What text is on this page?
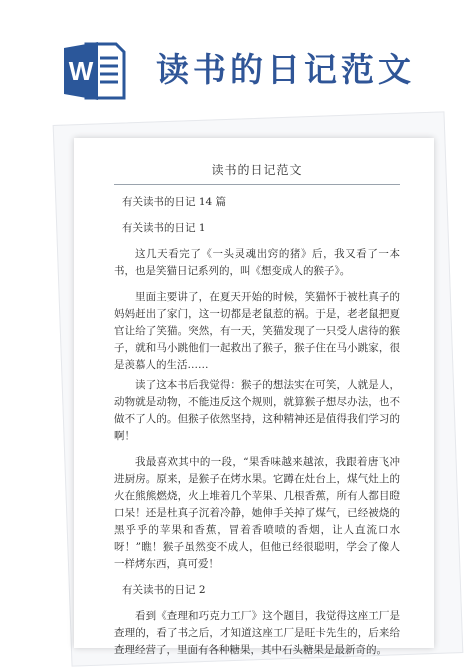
W 读书的日记范文
读书的日记范文
有关读书的日记 14 篇
有关读书的日记 1
这几天看完了《一头灵魂出窍的猪》后，我又看了一本书，也是笑猫日记系列的，叫《想变成人的猴子》。
里面主要讲了，在夏天开始的时候，笑猫怀于被杜真子的妈妈赶出了家门，这一切都是老鼠惹的祸。于是，老老鼠把夏官让给了笑猫。突然，有一天，笑猫发现了一只受人虐待的猴子，就和马小跳他们一起救出了猴子，猴子住在马小跳家，很是羡慕人的生活……
读了这本书后我觉得：猴子的想法实在可笑，人就是人，动物就是动物，不能违反这个规则，就算猴子想尽办法，也不做不了人的。但猴子依然坚持，这种精神还是值得我们学习的啊！
我最喜欢其中的一段，“果香味越来越浓，我跟着唐飞冲进厨房。原来，是猴子在烤水果。它蹲在灶台上，煤气灶上的火在熊熊燃烧，火上堆着几个苹果、几根香蕉，所有人都目瞪口呆！还是杜真子沉着冷静，她伸手关掉了煤气，已经被烧的黑乎乎的苹果和香蕉，冒着香喷喷的香烟，让人直流口水呀！”瞧！猴子虽然变不成人，但他已经很聪明，学会了像人一样烤东西，真可爱！
有关读书的日记 2
看到《查理和巧克力工厂》这个题目，我觉得这座工厂是查理的，看了书之后，才知道这座工厂是旺卡先生的，后来给查理经营了，里面有各种糖果，其中石头糖果是最新奇的。
